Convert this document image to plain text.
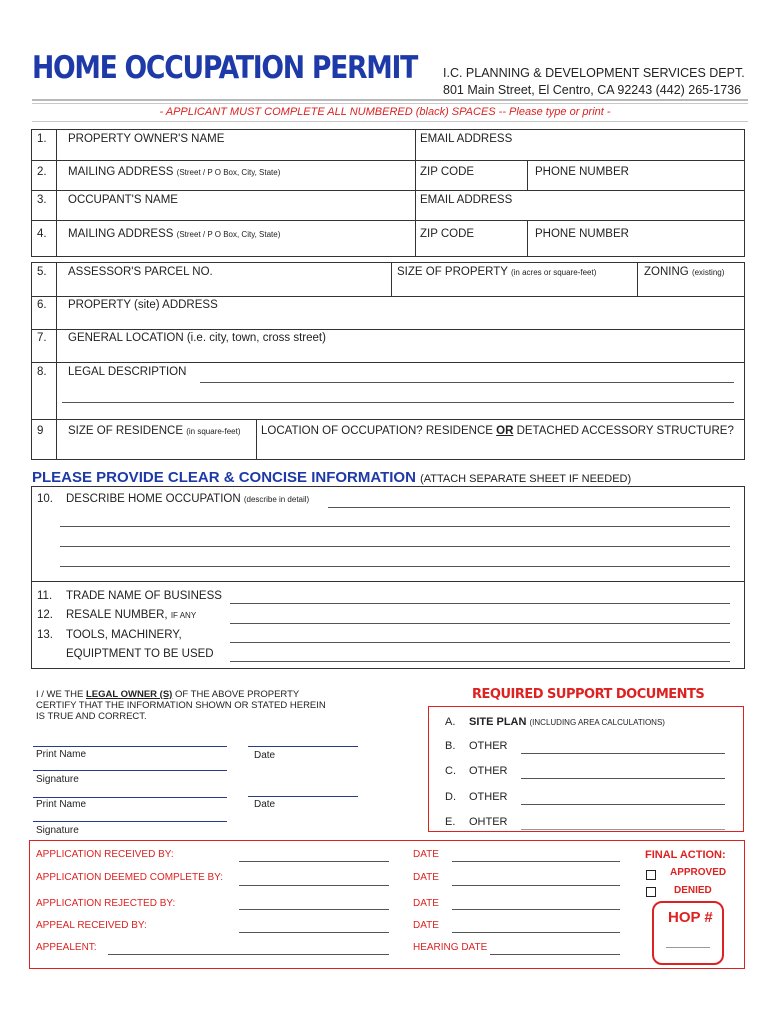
HOME OCCUPATION PERMIT I.C. PLANNING & DEVELOPMENT SERVICES DEPT.
801 Main Street, El Centro, CA 92243 (442) 265-1736
- APPLICANT MUST COMPLETE ALL NUMBERED (black) SPACES -- Please type or print -
1. PROPERTY OWNER'S NAME	EMAIL ADDRESS
2. MAILING ADDRESS (Street / P O Box, City, State)	ZIP CODE	PHONE NUMBER
3. OCCUPANT'S NAME	EMAIL ADDRESS
4. MAILING ADDRESS (Street / P O Box, City, State)	ZIP CODE	PHONE NUMBER
5. ASSESSOR'S PARCEL NO.	SIZE OF PROPERTY (in acres or square-feet)	ZONING (existing)
6. PROPERTY (site) ADDRESS
7. GENERAL LOCATION (i.e. city, town, cross street)
8. LEGAL DESCRIPTION
9 SIZE OF RESIDENCE (in square-feet) LOCATION OF OCCUPATION? RESIDENCE OR DETACHED ACCESSORY STRUCTURE?
PLEASE PROVIDE CLEAR & CONCISE INFORMATION (ATTACH SEPARATE SHEET IF NEEDED)
10. DESCRIBE HOME OCCUPATION (describe in detail)
11. TRADE NAME OF BUSINESS
12. RESALE NUMBER, IF ANY
13. TOOLS, MACHINERY,
EQUIPTMENT TO BE USED
I / WE THE LEGAL OWNER (S) OF THE ABOVE PROPERTY
CERTIFY THAT THE INFORMATION SHOWN OR STATED HEREIN
IS TRUE AND CORRECT.
Print Name	Date
Signature
Print Name	Date
Signature
REQUIRED SUPPORT DOCUMENTS
A. SITE PLAN (INCLUDING AREA CALCULATIONS)
B. OTHER
C. OTHER
D. OTHER
E. OHTER
APPLICATION RECEIVED BY:	DATE
APPLICATION DEEMED COMPLETE BY:	DATE
APPLICATION REJECTED BY:	DATE
APPEAL RECEIVED BY:	DATE
APPEALENT:	HEARING DATE
FINAL ACTION:
APPROVED
DENIED
HOP #
